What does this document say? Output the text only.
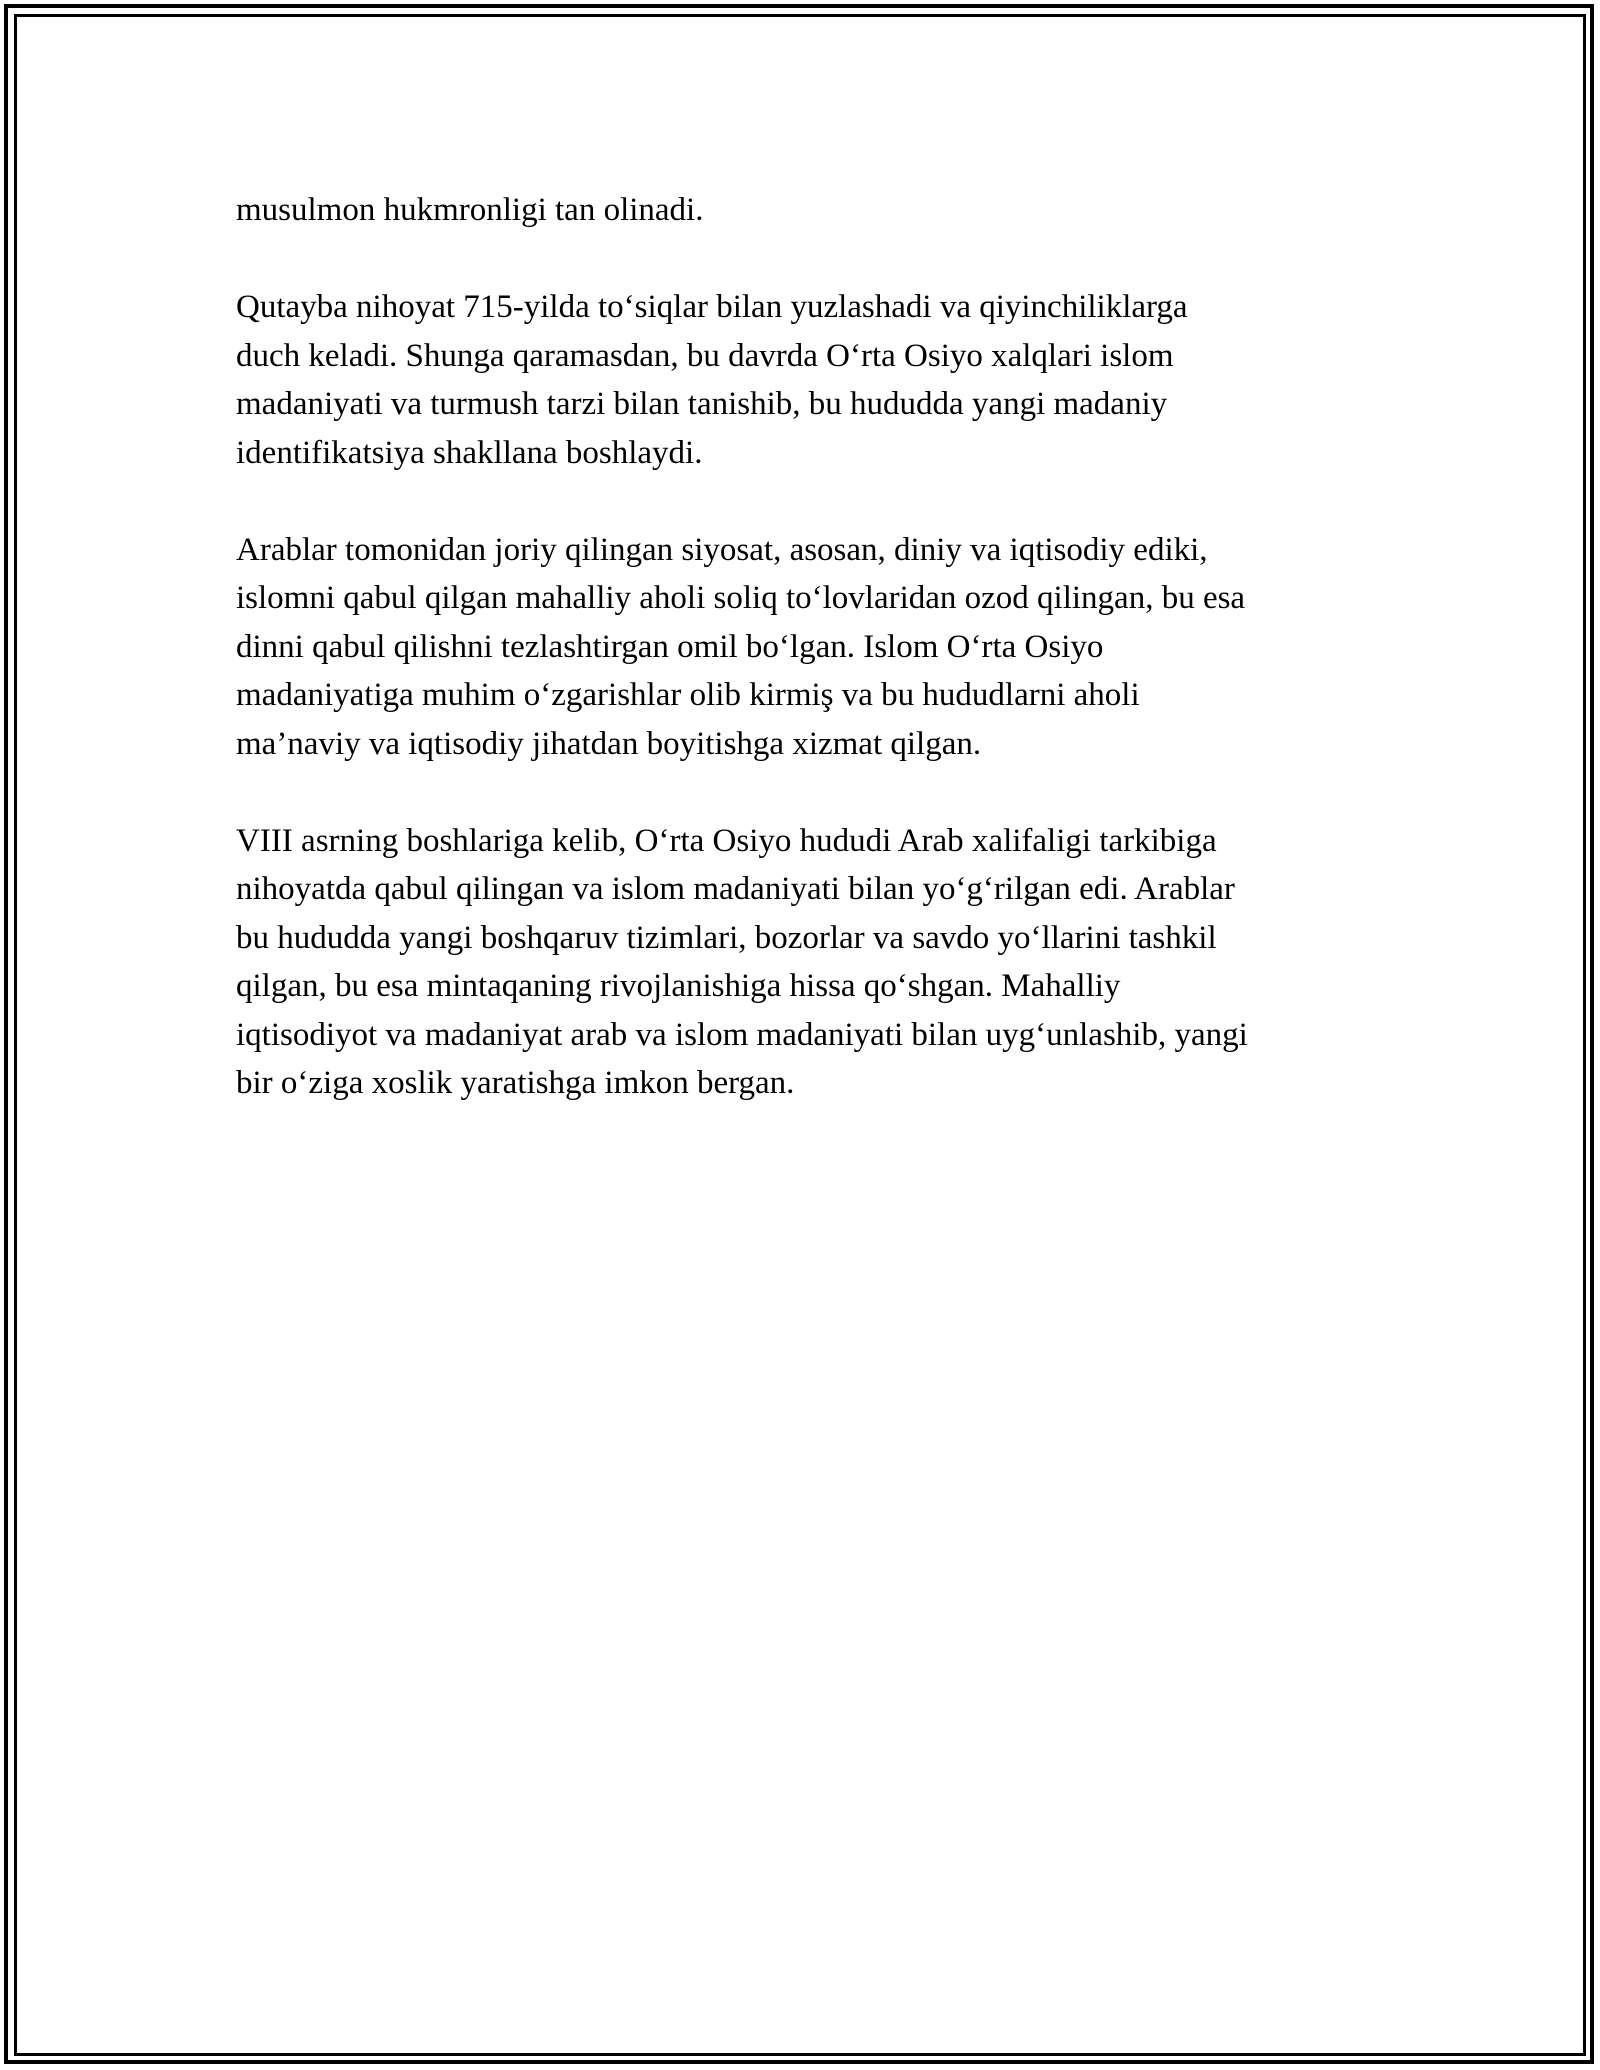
musulmon hukmronligi tan olinadi.

Qutayba nihoyat 715-yilda to‘siqlar bilan yuzlashadi va qiyinchiliklarga
duch keladi. Shunga qaramasdan, bu davrda O‘rta Osiyo xalqlari islom
madaniyati va turmush tarzi bilan tanishib, bu hududda yangi madaniy
identifikatsiya shakllana boshlaydi.

Arablar tomonidan joriy qilingan siyosat, asosan, diniy va iqtisodiy ediki,
islomni qabul qilgan mahalliy aholi soliq to‘lovlaridan ozod qilingan, bu esa
dinni qabul qilishni tezlashtirgan omil bo‘lgan. Islom O‘rta Osiyo
madaniyatiga muhim o‘zgarishlar olib kirmiş va bu hududlarni aholi
ma’naviy va iqtisodiy jihatdan boyitishga xizmat qilgan.

VIII asrning boshlariga kelib, O‘rta Osiyo hududi Arab xalifaligi tarkibiga
nihoyatda qabul qilingan va islom madaniyati bilan yo‘g‘rilgan edi. Arablar
bu hududda yangi boshqaruv tizimlari, bozorlar va savdo yo‘llarini tashkil
qilgan, bu esa mintaqaning rivojlanishiga hissa qo‘shgan. Mahalliy
iqtisodiyot va madaniyat arab va islom madaniyati bilan uyg‘unlashib, yangi
bir o‘ziga xoslik yaratishga imkon bergan.
